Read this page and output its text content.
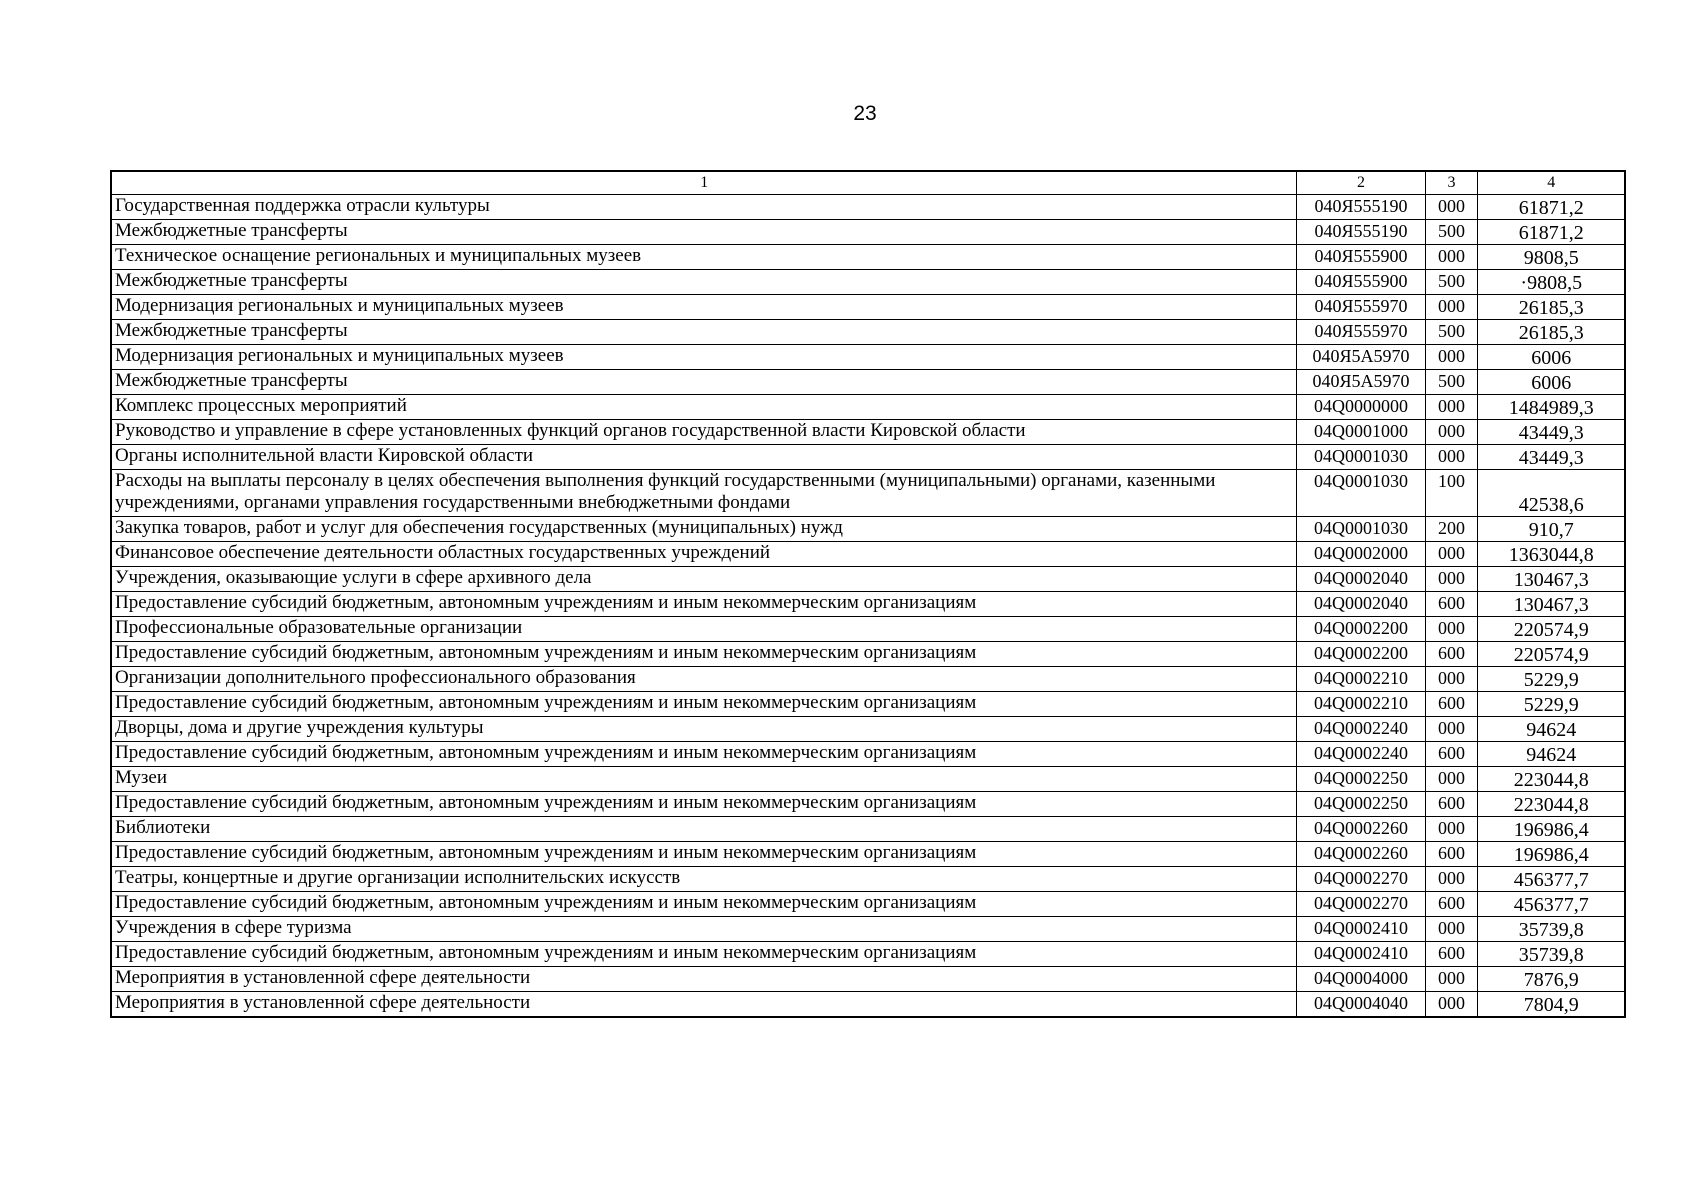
23
1	2	3	4
Государственная поддержка отрасли культуры	040Я555190	000	61871,2
Межбюджетные трансферты	040Я555190	500	61871,2
Техническое оснащение региональных и муниципальных музеев	040Я555900	000	9808,5
Межбюджетные трансферты	040Я555900	500	·9808,5
Модернизация региональных и муниципальных музеев	040Я555970	000	26185,3
Межбюджетные трансферты	040Я555970	500	26185,3
Модернизация региональных и муниципальных музеев	040Я5А5970	000	6006
Межбюджетные трансферты	040Я5А5970	500	6006
Комплекс процессных мероприятий	04Q0000000	000	1484989,3
Руководство и управление в сфере установленных функций органов государственной власти Кировской области	04Q0001000	000	43449,3
Органы исполнительной власти Кировской области	04Q0001030	000	43449,3
Расходы на выплаты персоналу в целях обеспечения выполнения функций государственными (муниципальными) органами, казенными учреждениями, органами управления государственными внебюджетными фондами	04Q0001030	100	42538,6
Закупка товаров, работ и услуг для обеспечения государственных (муниципальных) нужд	04Q0001030	200	910,7
Финансовое обеспечение деятельности областных государственных учреждений	04Q0002000	000	1363044,8
Учреждения, оказывающие услуги в сфере архивного дела	04Q0002040	000	130467,3
Предоставление субсидий бюджетным, автономным учреждениям и иным некоммерческим организациям	04Q0002040	600	130467,3
Профессиональные образовательные организации	04Q0002200	000	220574,9
Предоставление субсидий бюджетным, автономным учреждениям и иным некоммерческим организациям	04Q0002200	600	220574,9
Организации дополнительного профессионального образования	04Q0002210	000	5229,9
Предоставление субсидий бюджетным, автономным учреждениям и иным некоммерческим организациям	04Q0002210	600	5229,9
Дворцы, дома и другие учреждения культуры	04Q0002240	000	94624
Предоставление субсидий бюджетным, автономным учреждениям и иным некоммерческим организациям	04Q0002240	600	94624
Музеи	04Q0002250	000	223044,8
Предоставление субсидий бюджетным, автономным учреждениям и иным некоммерческим организациям	04Q0002250	600	223044,8
Библиотеки	04Q0002260	000	196986,4
Предоставление субсидий бюджетным, автономным учреждениям и иным некоммерческим организациям	04Q0002260	600	196986,4
Театры, концертные и другие организации исполнительских искусств	04Q0002270	000	456377,7
Предоставление субсидий бюджетным, автономным учреждениям и иным некоммерческим организациям	04Q0002270	600	456377,7
Учреждения в сфере туризма	04Q0002410	000	35739,8
Предоставление субсидий бюджетным, автономным учреждениям и иным некоммерческим организациям	04Q0002410	600	35739,8
Мероприятия в установленной сфере деятельности	04Q0004000	000	7876,9
Мероприятия в установленной сфере деятельности	04Q0004040	000	7804,9
